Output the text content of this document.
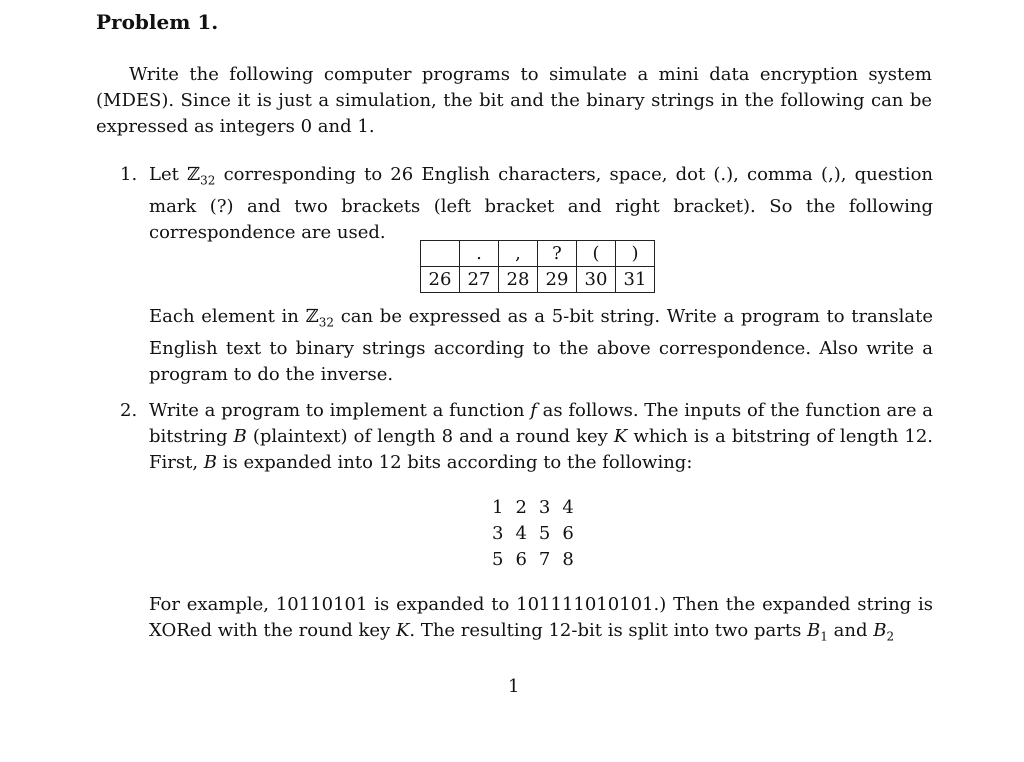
Problem 1.

Write the following computer programs to simulate a mini data encryption system (MDES). Since it is just a simulation, the bit and the binary strings in the following can be expressed as integers 0 and 1.

1. Let ℤ$_{32}$ corresponding to 26 English characters, space, dot (.), comma (,), question mark (?) and two brackets (left bracket and right bracket). So the following correspondence are used.

	.	,	?	(	)
26	27	28	29	30	31

Each element in ℤ$_{32}$ can be expressed as a 5-bit string. Write a program to translate English text to binary strings according to the above correspondence. Also write a program to do the inverse.

2. Write a program to implement a function f as follows. The inputs of the function are a bitstring B (plaintext) of length 8 and a round key K which is a bitstring of length 12. First, B is expanded into 12 bits according to the following:

1	2	3	4
3	4	5	6
5	6	7	8

For example, 10110101 is expanded to 101111010101.) Then the expanded string is XORed with the round key K. The resulting 12-bit is split into two parts $B_1$ and $B_2$

1
